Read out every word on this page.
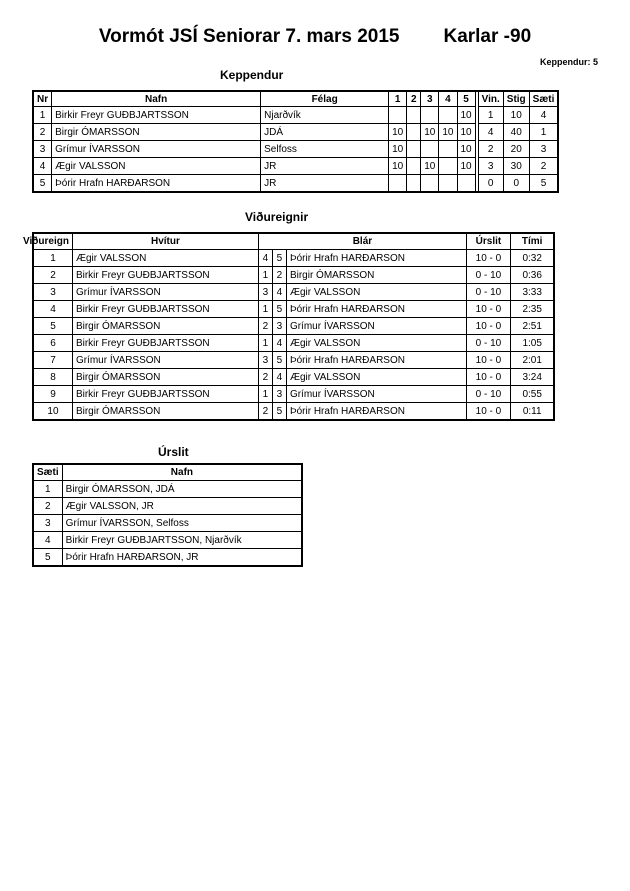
Vormót JSÍ Seniorar 7. mars 2015 Karlar -90
Keppendur: 5
Keppendur
Nr	Nafn	Félag	1	2	3	4	5		Vin.	Stig	Sæti
1	Birkir Freyr GUÐBJARTSSON	Njarðvík					10		1	10	4
2	Birgir ÓMARSSON	JDÁ	10		10	10	10		4	40	1
3	Grímur ÍVARSSON	Selfoss	10				10		2	20	3
4	Ægir VALSSON	JR	10		10		10		3	30	2
5	Þórir Hrafn HARÐARSON	JR							0	0	5
Viðureignir
Viðureign	Hvítur	Blár			Úrslit	Tími
1	Ægir VALSSON	4	5	Þórir Hrafn HARÐARSON	10 - 0	0:32
2	Birkir Freyr GUÐBJARTSSON	1	2	Birgir ÓMARSSON	0 - 10	0:36
3	Grímur ÍVARSSON	3	4	Ægir VALSSON	0 - 10	3:33
4	Birkir Freyr GUÐBJARTSSON	1	5	Þórir Hrafn HARÐARSON	10 - 0	2:35
5	Birgir ÓMARSSON	2	3	Grímur ÍVARSSON	10 - 0	2:51
6	Birkir Freyr GUÐBJARTSSON	1	4	Ægir VALSSON	0 - 10	1:05
7	Grímur ÍVARSSON	3	5	Þórir Hrafn HARÐARSON	10 - 0	2:01
8	Birgir ÓMARSSON	2	4	Ægir VALSSON	10 - 0	3:24
9	Birkir Freyr GUÐBJARTSSON	1	3	Grímur ÍVARSSON	0 - 10	0:55
10	Birgir ÓMARSSON	2	5	Þórir Hrafn HARÐARSON	10 - 0	0:11
Úrslit
Sæti	Nafn
1	Birgir ÓMARSSON, JDÁ
2	Ægir VALSSON, JR
3	Grímur ÍVARSSON, Selfoss
4	Birkir Freyr GUÐBJARTSSON, Njarðvík
5	Þórir Hrafn HARÐARSON, JR
